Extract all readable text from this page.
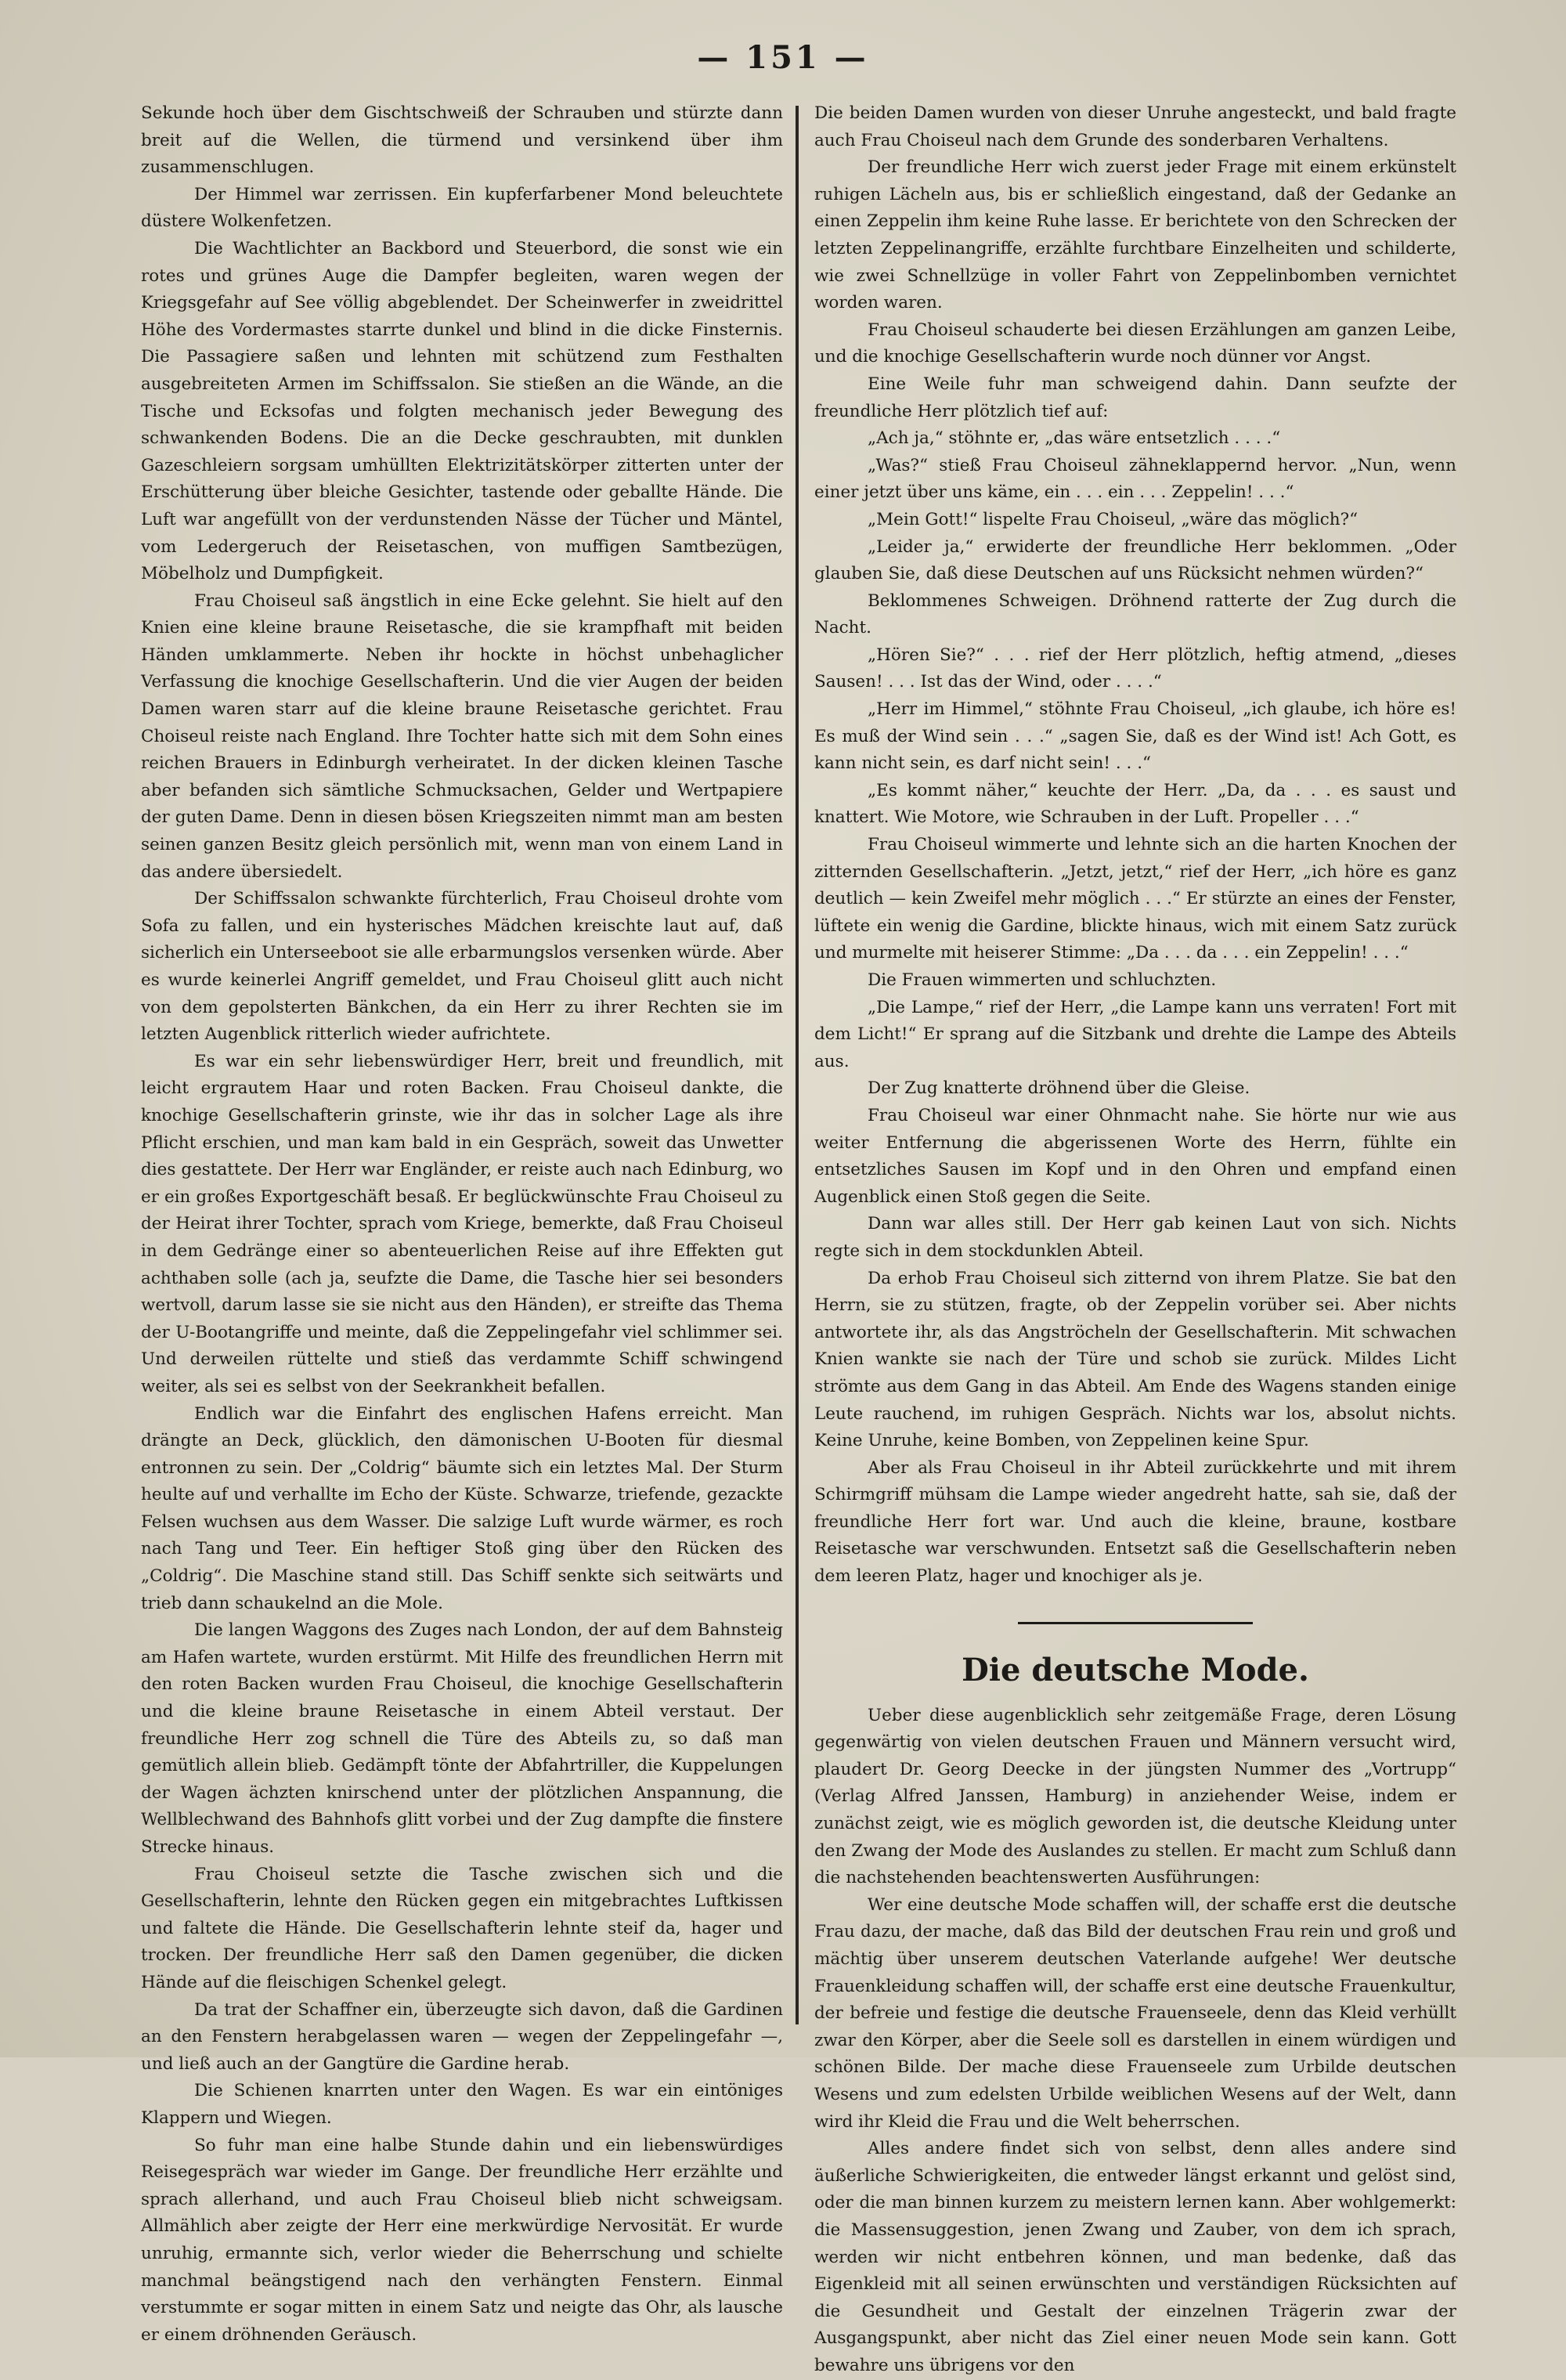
— 151 —

Sekunde hoch über dem Gischtschweiß der Schrauben und stürzte dann breit auf die Wellen, die türmend und versinkend über ihm zusammenschlugen.

Der Himmel war zerrissen. Ein kupferfarbener Mond beleuchtete düstere Wolkenfetzen.

Die Wachtlichter an Backbord und Steuerbord, die sonst wie ein rotes und grünes Auge die Dampfer begleiten, waren wegen der Kriegsgefahr auf See völlig abgeblendet. Der Scheinwerfer in zweidrittel Höhe des Vordermastes starrte dunkel und blind in die dicke Finsternis. Die Passagiere saßen und lehnten mit schützend zum Festhalten ausgebreiteten Armen im Schiffssalon. Sie stießen an die Wände, an die Tische und Ecksofas und folgten mechanisch jeder Bewegung des schwankenden Bodens. Die an die Decke geschraubten, mit dunklen Gazeschleiern sorgsam umhüllten Elektrizitätskörper zitterten unter der Erschütterung über bleiche Gesichter, tastende oder geballte Hände. Die Luft war angefüllt von der verdunstenden Nässe der Tücher und Mäntel, vom Ledergeruch der Reisetaschen, von muffigen Samtbezügen, Möbelholz und Dumpfigkeit.

Frau Choiseul saß ängstlich in eine Ecke gelehnt. Sie hielt auf den Knien eine kleine braune Reisetasche, die sie krampfhaft mit beiden Händen umklammerte. Neben ihr hockte in höchst unbehaglicher Verfassung die knochige Gesellschafterin. Und die vier Augen der beiden Damen waren starr auf die kleine braune Reisetasche gerichtet. Frau Choiseul reiste nach England. Ihre Tochter hatte sich mit dem Sohn eines reichen Brauers in Edinburgh verheiratet. In der dicken kleinen Tasche aber befanden sich sämtliche Schmucksachen, Gelder und Wertpapiere der guten Dame. Denn in diesen bösen Kriegszeiten nimmt man am besten seinen ganzen Besitz gleich persönlich mit, wenn man von einem Land in das andere übersiedelt.

Der Schiffssalon schwankte fürchterlich, Frau Choiseul drohte vom Sofa zu fallen, und ein hysterisches Mädchen kreischte laut auf, daß sicherlich ein Unterseeboot sie alle erbarmungslos versenken würde. Aber es wurde keinerlei Angriff gemeldet, und Frau Choiseul glitt auch nicht von dem gepolsterten Bänkchen, da ein Herr zu ihrer Rechten sie im letzten Augenblick ritterlich wieder aufrichtete.

Es war ein sehr liebenswürdiger Herr, breit und freundlich, mit leicht ergrautem Haar und roten Backen. Frau Choiseul dankte, die knochige Gesellschafterin grinste, wie ihr das in solcher Lage als ihre Pflicht erschien, und man kam bald in ein Gespräch, soweit das Unwetter dies gestattete. Der Herr war Engländer, er reiste auch nach Edinburg, wo er ein großes Exportgeschäft besaß. Er beglückwünschte Frau Choiseul zu der Heirat ihrer Tochter, sprach vom Kriege, bemerkte, daß Frau Choiseul in dem Gedränge einer so abenteuerlichen Reise auf ihre Effekten gut achthaben solle (ach ja, seufzte die Dame, die Tasche hier sei besonders wertvoll, darum lasse sie sie nicht aus den Händen), er streifte das Thema der U-Bootangriffe und meinte, daß die Zeppelingefahr viel schlimmer sei. Und derweilen rüttelte und stieß das verdammte Schiff schwingend weiter, als sei es selbst von der Seekrankheit befallen.

Endlich war die Einfahrt des englischen Hafens erreicht. Man drängte an Deck, glücklich, den dämonischen U-Booten für diesmal entronnen zu sein. Der „Coldrig“ bäumte sich ein letztes Mal. Der Sturm heulte auf und verhallte im Echo der Küste. Schwarze, triefende, gezackte Felsen wuchsen aus dem Wasser. Die salzige Luft wurde wärmer, es roch nach Tang und Teer. Ein heftiger Stoß ging über den Rücken des „Coldrig“. Die Maschine stand still. Das Schiff senkte sich seitwärts und trieb dann schaukelnd an die Mole.

Die langen Waggons des Zuges nach London, der auf dem Bahnsteig am Hafen wartete, wurden erstürmt. Mit Hilfe des freundlichen Herrn mit den roten Backen wurden Frau Choiseul, die knochige Gesellschafterin und die kleine braune Reisetasche in einem Abteil verstaut. Der freundliche Herr zog schnell die Türe des Abteils zu, so daß man gemütlich allein blieb. Gedämpft tönte der Abfahrtriller, die Kuppelungen der Wagen ächzten knirschend unter der plötzlichen Anspannung, die Wellblechwand des Bahnhofs glitt vorbei und der Zug dampfte die finstere Strecke hinaus.

Frau Choiseul setzte die Tasche zwischen sich und die Gesellschafterin, lehnte den Rücken gegen ein mitgebrachtes Luftkissen und faltete die Hände. Die Gesellschafterin lehnte steif da, hager und trocken. Der freundliche Herr saß den Damen gegenüber, die dicken Hände auf die fleischigen Schenkel gelegt.

Da trat der Schaffner ein, überzeugte sich davon, daß die Gardinen an den Fenstern herabgelassen waren — wegen der Zeppelingefahr —, und ließ auch an der Gangtüre die Gardine herab.

Die Schienen knarrten unter den Wagen. Es war ein eintöniges Klappern und Wiegen.

So fuhr man eine halbe Stunde dahin und ein liebenswürdiges Reisegespräch war wieder im Gange. Der freundliche Herr erzählte und sprach allerhand, und auch Frau Choiseul blieb nicht schweigsam. Allmählich aber zeigte der Herr eine merkwürdige Nervosität. Er wurde unruhig, ermannte sich, verlor wieder die Beherrschung und schielte manchmal beängstigend nach den verhängten Fenstern. Einmal verstummte er sogar mitten in einem Satz und neigte das Ohr, als lausche er einem dröhnenden Geräusch.

Die beiden Damen wurden von dieser Unruhe angesteckt, und bald fragte auch Frau Choiseul nach dem Grunde des sonderbaren Verhaltens.

Der freundliche Herr wich zuerst jeder Frage mit einem erkünstelt ruhigen Lächeln aus, bis er schließlich eingestand, daß der Gedanke an einen Zeppelin ihm keine Ruhe lasse. Er berichtete von den Schrecken der letzten Zeppelinangriffe, erzählte furchtbare Einzelheiten und schilderte, wie zwei Schnellzüge in voller Fahrt von Zeppelinbomben vernichtet worden waren.

Frau Choiseul schauderte bei diesen Erzählungen am ganzen Leibe, und die knochige Gesellschafterin wurde noch dünner vor Angst.

Eine Weile fuhr man schweigend dahin. Dann seufzte der freundliche Herr plötzlich tief auf:

„Ach ja,“ stöhnte er, „das wäre entsetzlich . . . .“

„Was?“ stieß Frau Choiseul zähneklappernd hervor. „Nun, wenn einer jetzt über uns käme, ein . . . ein . . . Zeppelin! . . .“

„Mein Gott!“ lispelte Frau Choiseul, „wäre das möglich?“

„Leider ja,“ erwiderte der freundliche Herr beklommen. „Oder glauben Sie, daß diese Deutschen auf uns Rücksicht nehmen würden?“

Beklommenes Schweigen. Dröhnend ratterte der Zug durch die Nacht.

„Hören Sie?“ . . . rief der Herr plötzlich, heftig atmend, „dieses Sausen! . . . Ist das der Wind, oder . . . .“

„Herr im Himmel,“ stöhnte Frau Choiseul, „ich glaube, ich höre es! Es muß der Wind sein . . .“ „sagen Sie, daß es der Wind ist! Ach Gott, es kann nicht sein, es darf nicht sein! . . .“

„Es kommt näher,“ keuchte der Herr. „Da, da . . . es saust und knattert. Wie Motore, wie Schrauben in der Luft. Propeller . . .“

Frau Choiseul wimmerte und lehnte sich an die harten Knochen der zitternden Gesellschafterin. „Jetzt, jetzt,“ rief der Herr, „ich höre es ganz deutlich — kein Zweifel mehr möglich . . .“ Er stürzte an eines der Fenster, lüftete ein wenig die Gardine, blickte hinaus, wich mit einem Satz zurück und murmelte mit heiserer Stimme: „Da . . . da . . . ein Zeppelin! . . .“

Die Frauen wimmerten und schluchzten.

„Die Lampe,“ rief der Herr, „die Lampe kann uns verraten! Fort mit dem Licht!“ Er sprang auf die Sitzbank und drehte die Lampe des Abteils aus.

Der Zug knatterte dröhnend über die Gleise.

Frau Choiseul war einer Ohnmacht nahe. Sie hörte nur wie aus weiter Entfernung die abgerissenen Worte des Herrn, fühlte ein entsetzliches Sausen im Kopf und in den Ohren und empfand einen Augenblick einen Stoß gegen die Seite.

Dann war alles still. Der Herr gab keinen Laut von sich. Nichts regte sich in dem stockdunklen Abteil.

Da erhob Frau Choiseul sich zitternd von ihrem Platze. Sie bat den Herrn, sie zu stützen, fragte, ob der Zeppelin vorüber sei. Aber nichts antwortete ihr, als das Angströcheln der Gesellschafterin. Mit schwachen Knien wankte sie nach der Türe und schob sie zurück. Mildes Licht strömte aus dem Gang in das Abteil. Am Ende des Wagens standen einige Leute rauchend, im ruhigen Gespräch. Nichts war los, absolut nichts. Keine Unruhe, keine Bomben, von Zeppelinen keine Spur.

Aber als Frau Choiseul in ihr Abteil zurückkehrte und mit ihrem Schirmgriff mühsam die Lampe wieder angedreht hatte, sah sie, daß der freundliche Herr fort war. Und auch die kleine, braune, kostbare Reisetasche war verschwunden. Entsetzt saß die Gesellschafterin neben dem leeren Platz, hager und knochiger als je.

Die deutsche Mode.

Ueber diese augenblicklich sehr zeitgemäße Frage, deren Lösung gegenwärtig von vielen deutschen Frauen und Männern versucht wird, plaudert Dr. Georg Deecke in der jüngsten Nummer des „Vortrupp“ (Verlag Alfred Janssen, Hamburg) in anziehender Weise, indem er zunächst zeigt, wie es möglich geworden ist, die deutsche Kleidung unter den Zwang der Mode des Auslandes zu stellen. Er macht zum Schluß dann die nachstehenden beachtenswerten Ausführungen:

Wer eine deutsche Mode schaffen will, der schaffe erst die deutsche Frau dazu, der mache, daß das Bild der deutschen Frau rein und groß und mächtig über unserem deutschen Vaterlande aufgehe! Wer deutsche Frauenkleidung schaffen will, der schaffe erst eine deutsche Frauenkultur, der befreie und festige die deutsche Frauenseele, denn das Kleid verhüllt zwar den Körper, aber die Seele soll es darstellen in einem würdigen und schönen Bilde. Der mache diese Frauenseele zum Urbilde deutschen Wesens und zum edelsten Urbilde weiblichen Wesens auf der Welt, dann wird ihr Kleid die Frau und die Welt beherrschen.

Alles andere findet sich von selbst, denn alles andere sind äußerliche Schwierigkeiten, die entweder längst erkannt und gelöst sind, oder die man binnen kurzem zu meistern lernen kann. Aber wohlgemerkt: die Massensuggestion, jenen Zwang und Zauber, von dem ich sprach, werden wir nicht entbehren können, und man bedenke, daß das Eigenkleid mit all seinen erwünschten und verständigen Rücksichten auf die Gesundheit und Gestalt der einzelnen Trägerin zwar der Ausgangspunkt, aber nicht das Ziel einer neuen Mode sein kann. Gott bewahre uns übrigens vor den
